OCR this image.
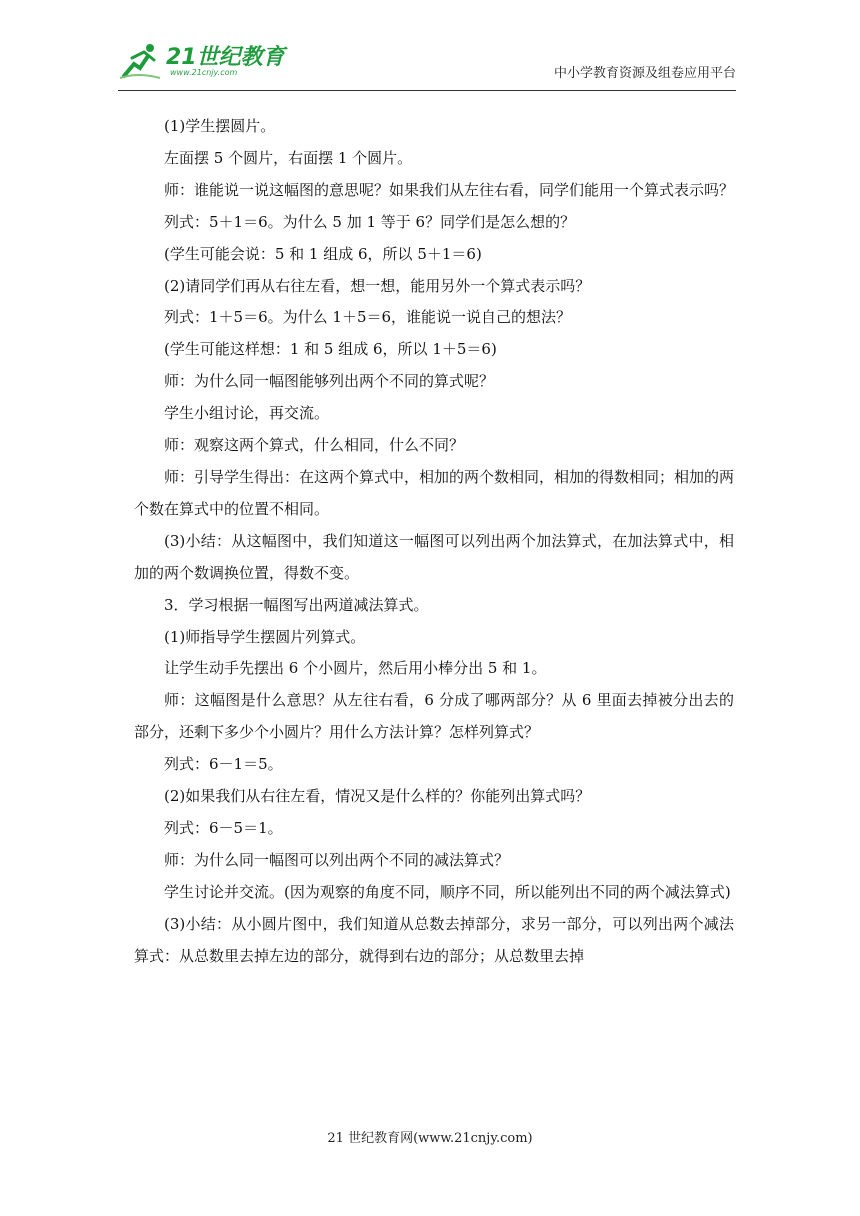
21世纪教育
www.21cnjy.com	中小学教育资源及组卷应用平台

(1)学生摆圆片。

左面摆 5 个圆片，右面摆 1 个圆片。

师：谁能说一说这幅图的意思呢？如果我们从左往右看，同学们能用一个算式表示吗？

列式：5＋1＝6。为什么 5 加 1 等于 6？同学们是怎么想的？

(学生可能会说：5 和 1 组成 6，所以 5＋1＝6)

(2)请同学们再从右往左看，想一想，能用另外一个算式表示吗？

列式：1＋5＝6。为什么 1＋5＝6，谁能说一说自己的想法？

(学生可能这样想：1 和 5 组成 6，所以 1＋5＝6)

师：为什么同一幅图能够列出两个不同的算式呢？

学生小组讨论，再交流。

师：观察这两个算式，什么相同，什么不同？

师：引导学生得出：在这两个算式中，相加的两个数相同，相加的得数相同；相加的两个数在算式中的位置不相同。

(3)小结：从这幅图中，我们知道这一幅图可以列出两个加法算式，在加法算式中，相加的两个数调换位置，得数不变。

3．学习根据一幅图写出两道减法算式。

(1)师指导学生摆圆片列算式。

让学生动手先摆出 6 个小圆片，然后用小棒分出 5 和 1。

师：这幅图是什么意思？从左往右看，6 分成了哪两部分？从 6 里面去掉被分出去的部分，还剩下多少个小圆片？用什么方法计算？怎样列算式？

列式：6－1＝5。

(2)如果我们从右往左看，情况又是什么样的？你能列出算式吗？

列式：6－5＝1。

师：为什么同一幅图可以列出两个不同的减法算式？

学生讨论并交流。(因为观察的角度不同，顺序不同，所以能列出不同的两个减法算式)

(3)小结：从小圆片图中，我们知道从总数去掉部分，求另一部分，可以列出两个减法算式：从总数里去掉左边的部分，就得到右边的部分；从总数里去掉

21 世纪教育网(www.21cnjy.com)
